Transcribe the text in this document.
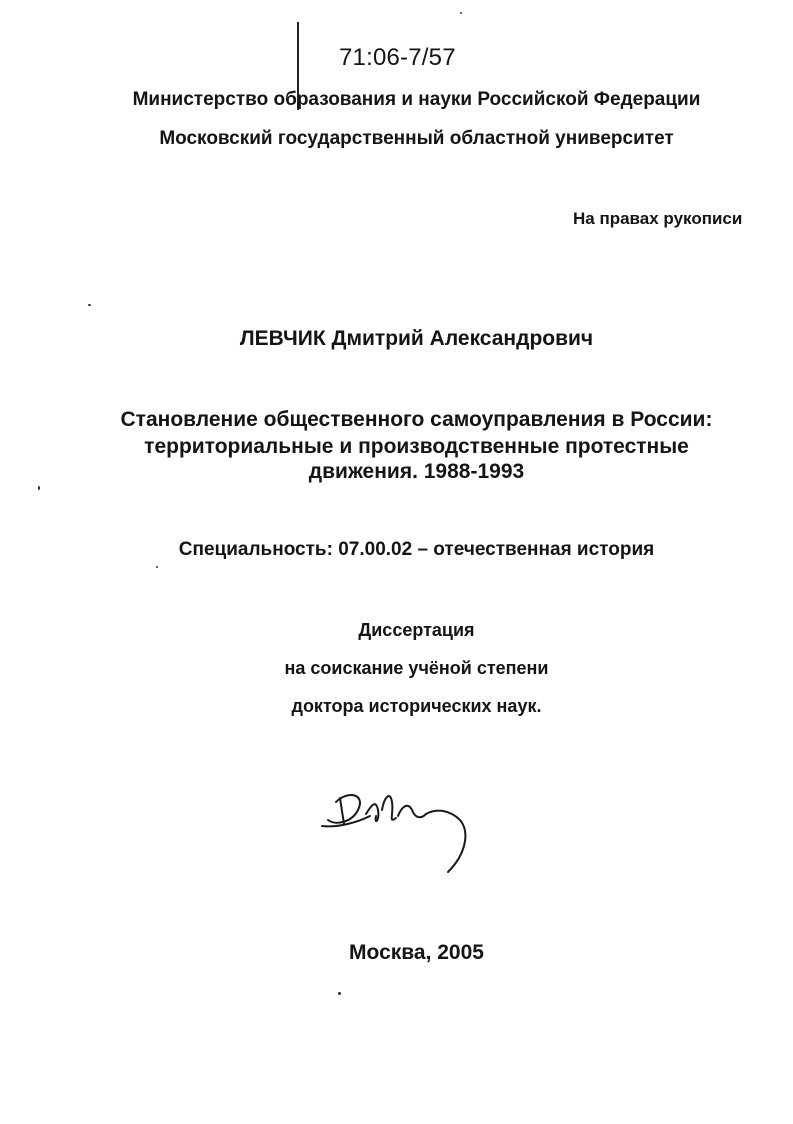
71:06-7/57
Министерство образования и науки Российской Федерации
Московский государственный областной университет
На правах рукописи
ЛЕВЧИК Дмитрий Александрович
Становление общественного самоуправления в России:
территориальные и производственные протестные
движения. 1988-1993
Специальность: 07.00.02 – отечественная история
Диссертация
на соискание учёной степени
доктора исторических наук.
Москва, 2005
